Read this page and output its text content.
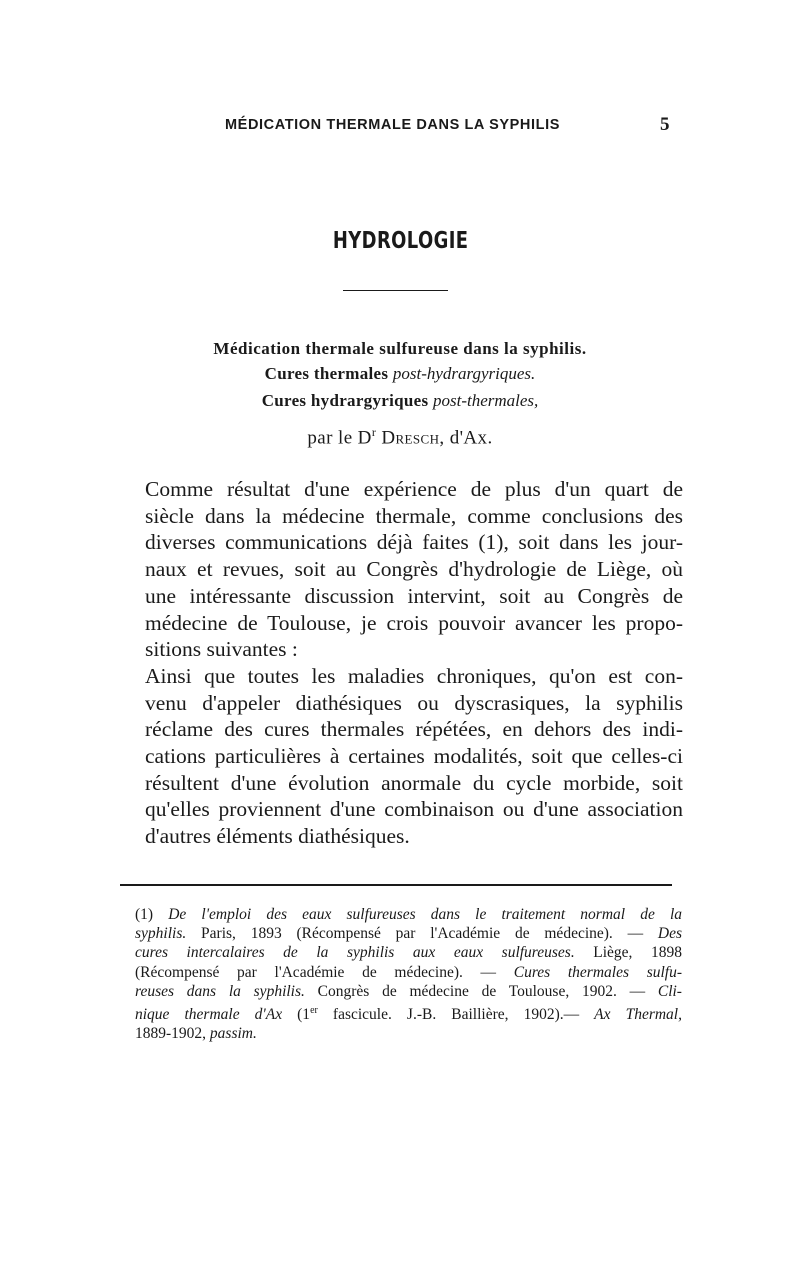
MÉDICATION THERMALE DANS LA SYPHILIS	5
HYDROLOGIE
Médication thermale sulfureuse dans la syphilis.
Cures thermales post-hydrargyriques.
Cures hydrargyriques post-thermales,
par le $D^r$ Dresch, d'Ax.
Comme résultat d'une expérience de plus d'un quart de
siècle dans la médecine thermale, comme conclusions des
diverses communications déjà faites (1), soit dans les jour-
naux et revues, soit au Congrès d'hydrologie de Liège, où
une intéressante discussion intervint, soit au Congrès de
médecine de Toulouse, je crois pouvoir avancer les propo-
sitions suivantes :
Ainsi que toutes les maladies chroniques, qu'on est con-
venu d'appeler diathésiques ou dyscrasiques, la syphilis
réclame des cures thermales répétées, en dehors des indi-
cations particulières à certaines modalités, soit que celles-ci
résultent d'une évolution anormale du cycle morbide, soit
qu'elles proviennent d'une combinaison ou d'une association
d'autres éléments diathésiques.
(1) De l'emploi des eaux sulfureuses dans le traitement normal de la
syphilis. Paris, 1893 (Récompensé par l'Académie de médecine). — Des
cures intercalaires de la syphilis aux eaux sulfureuses. Liège, 1898
(Récompensé par l'Académie de médecine). — Cures thermales sulfu-
reuses dans la syphilis. Congrès de médecine de Toulouse, 1902. — Cli-
nique thermale d'Ax (1er fascicule. J.-B. Baillière, 1902).— Ax Thermal,
1889-1902, passim.
